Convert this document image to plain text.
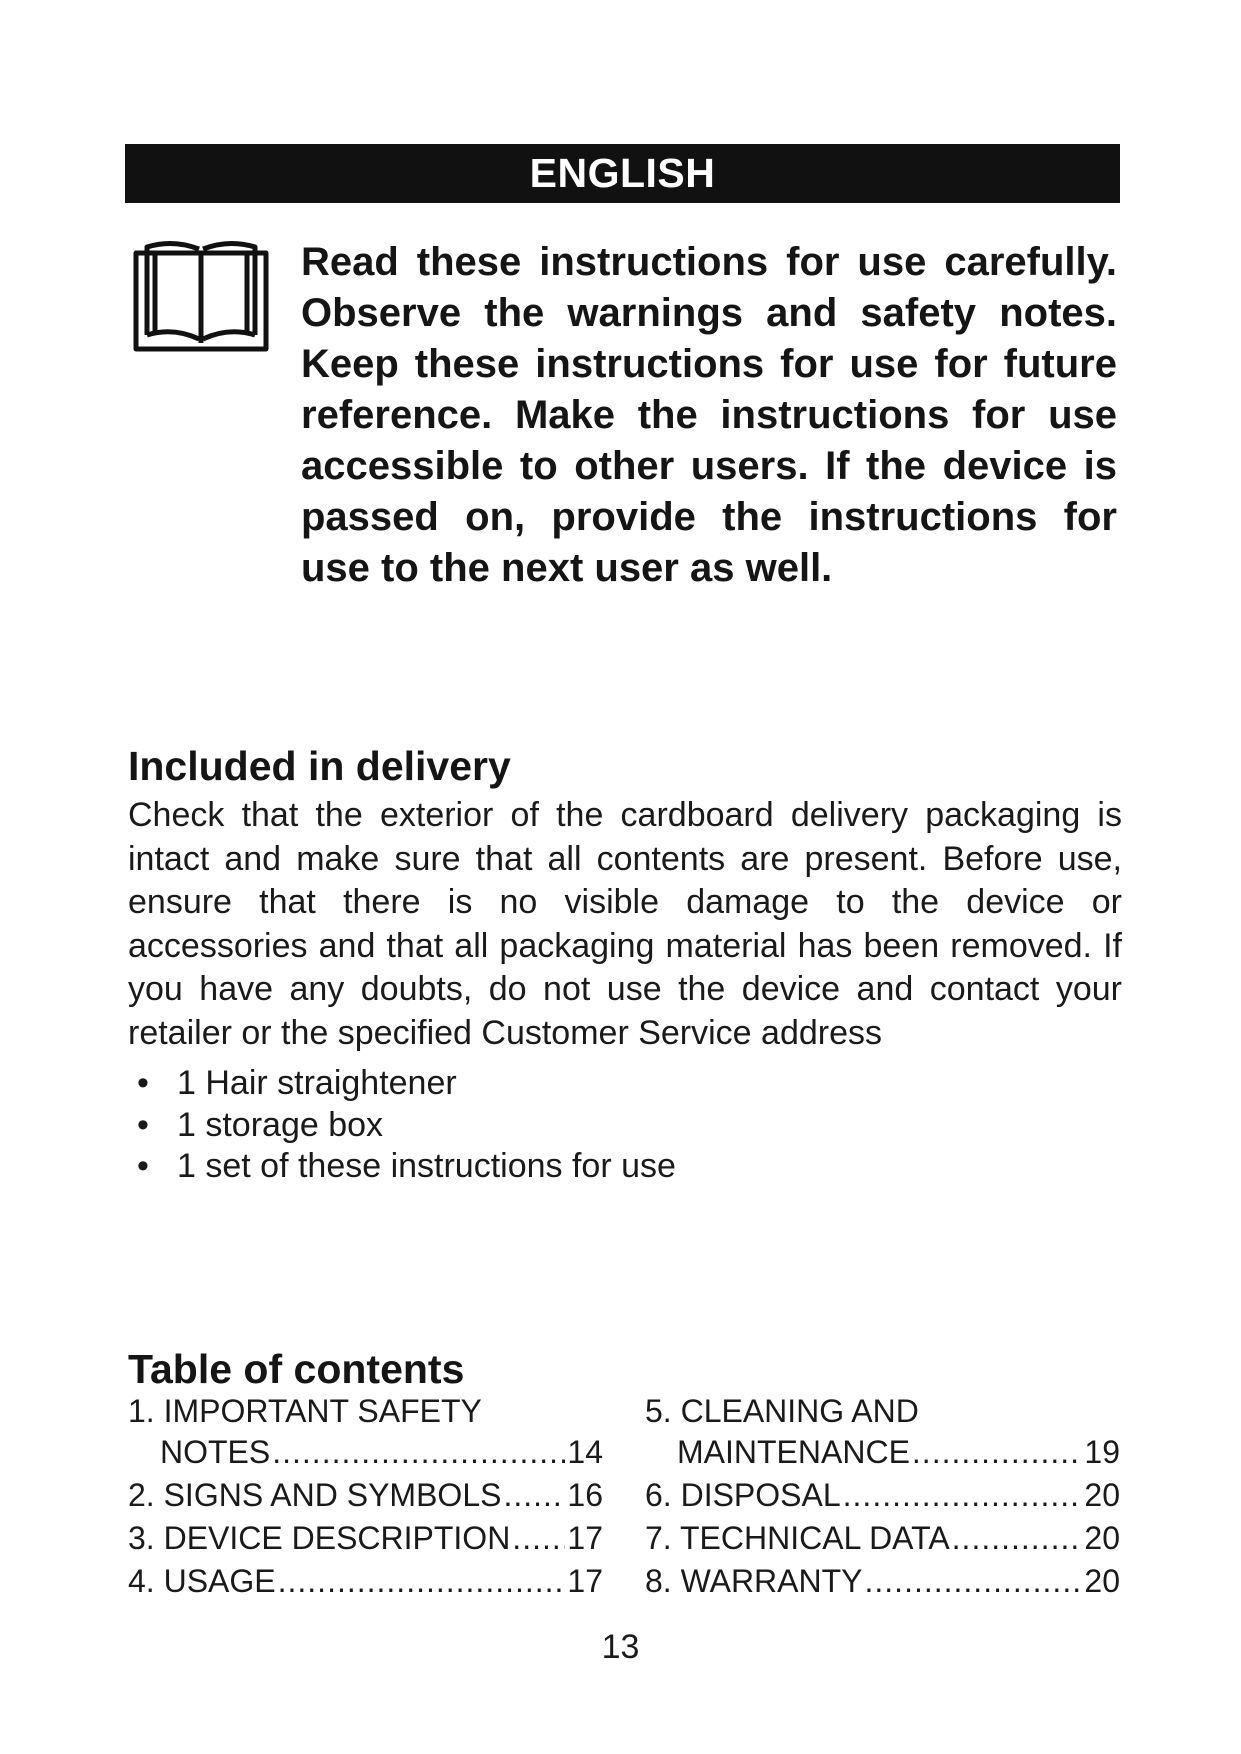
ENGLISH

Read these instructions for use carefully. Observe the warnings and safety notes. Keep these instructions for use for future reference. Make the instructions for use accessible to other users. If the device is passed on, provide the instructions for use to the next user as well.

Included in delivery

Check that the exterior of the cardboard delivery packaging is intact and make sure that all contents are present. Before use, ensure that there is no visible damage to the device or accessories and that all packaging material has been removed. If you have any doubts, do not use the device and contact your retailer or the specified Customer Service address

• 1 Hair straightener
• 1 storage box
• 1 set of these instructions for use
Table of contents
1. IMPORTANT SAFETY
NOTES .....	14
2. SIGNS AND SYMBOLS ..... 16
3. DEVICE DESCRIPTION ..... 17
4. USAGE .....	17
5. CLEANING AND
MAINTENANCE .....	19
6. DISPOSAL .....	20
7. TECHNICAL DATA .....	20
8. WARRANTY .....	20
13
